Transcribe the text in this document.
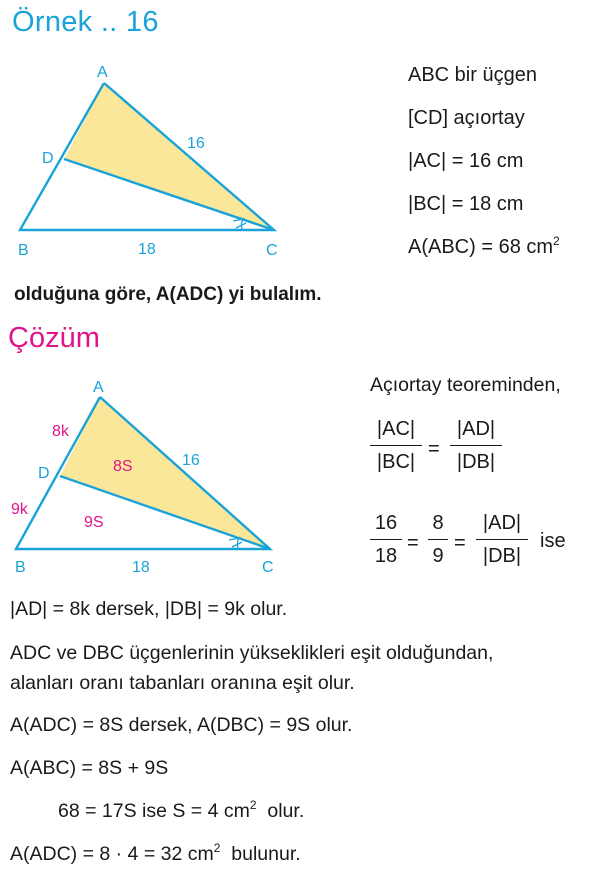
Örnek .. 16
A
D
B	C
16
18
ABC bir üçgen
[CD] açıortay
|AC| = 16 cm
|BC| = 18 cm
A(ABC) = 68 $cm^2$
olduğuna göre, A(ADC) yi bulalım.
Çözüm
A
D
B	C
16
18
8k
9k
8S
9S
Açıortay teoreminden,
|AC|
|BC|
=
|AD|
|DB|
16
18
=
8
9
=
|AD|
|DB|
ise
|AD| = 8k dersek, |DB| = 9k olur.
ADC ve DBC üçgenlerinin yükseklikleri eşit olduğundan,
alanları oranı tabanları oranına eşit olur.
A(ADC) = 8S dersek, A(DBC) = 9S olur.
A(ABC) = 8S + 9S
68 = 17S ise S = 4 $cm^2$  olur.
A(ADC) = 8 · 4 = 32 $cm^2$  bulunur.
